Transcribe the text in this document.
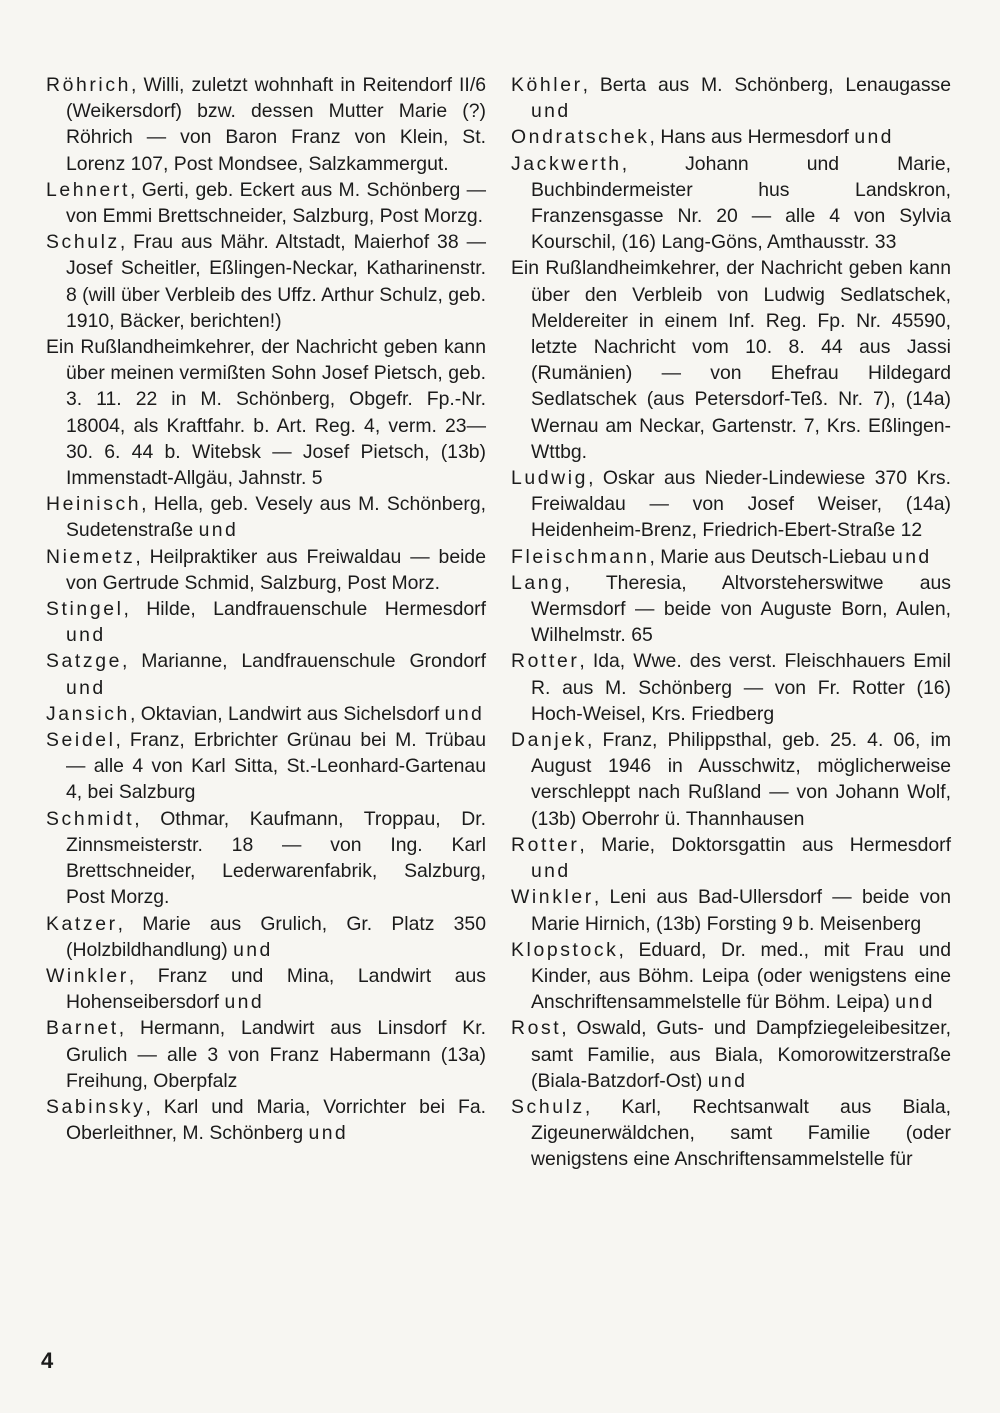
Röhrich, Willi, zuletzt wohnhaft in Reitendorf II/6 (Weikersdorf) bzw. dessen Mutter Marie (?) Röhrich — von Baron Franz von Klein, St. Lorenz 107, Post Mondsee, Salzkammergut.

Lehnert, Gerti, geb. Eckert aus M. Schönberg — von Emmi Brettschneider, Salzburg, Post Morzg.

Schulz, Frau aus Mähr. Altstadt, Maierhof 38 — Josef Scheitler, Eßlingen-Neckar, Katharinenstr. 8 (will über Verbleib des Uffz. Arthur Schulz, geb. 1910, Bäcker, berichten!)

Ein Rußlandheimkehrer, der Nachricht geben kann über meinen vermißten Sohn Josef Pietsch, geb. 3. 11. 22 in M. Schönberg, Obgefr. Fp.-Nr. 18004, als Kraftfahr. b. Art. Reg. 4, verm. 23—30. 6. 44 b. Witebsk — Josef Pietsch, (13b) Immenstadt-Allgäu, Jahnstr. 5

Heinisch, Hella, geb. Vesely aus M. Schönberg, Sudetenstraße und

Niemetz, Heilpraktiker aus Freiwaldau — beide von Gertrude Schmid, Salzburg, Post Morz.

Stingel, Hilde, Landfrauenschule Hermesdorf und

Satzge, Marianne, Landfrauenschule Grondorf und

Jansich, Oktavian, Landwirt aus Sichelsdorf und

Seidel, Franz, Erbrichter Grünau bei M. Trübau — alle 4 von Karl Sitta, St.-Leonhard-Gartenau 4, bei Salzburg

Schmidt, Othmar, Kaufmann, Troppau, Dr. Zinnsmeisterstr. 18 — von Ing. Karl Brettschneider, Lederwarenfabrik, Salzburg, Post Morzg.

Katzer, Marie aus Grulich, Gr. Platz 350 (Holzbildhandlung) und

Winkler, Franz und Mina, Landwirt aus Hohenseibersdorf und

Barnet, Hermann, Landwirt aus Linsdorf Kr. Grulich — alle 3 von Franz Habermann (13a) Freihung, Oberpfalz

Sabinsky, Karl und Maria, Vorrichter bei Fa. Oberleithner, M. Schönberg und

Köhler, Berta aus M. Schönberg, Lenaugasse und

Ondratschek, Hans aus Hermesdorf und

Jackwerth, Johann und Marie, Buchbindermeister hus Landskron, Franzensgasse Nr. 20 — alle 4 von Sylvia Kourschil, (16) Lang-Göns, Amthausstr. 33

Ein Rußlandheimkehrer, der Nachricht geben kann über den Verbleib von Ludwig Sedlatschek, Meldereiter in einem Inf. Reg. Fp. Nr. 45590, letzte Nachricht vom 10. 8. 44 aus Jassi (Rumänien) — von Ehefrau Hildegard Sedlatschek (aus Petersdorf-Teß. Nr. 7), (14a) Wernau am Neckar, Gartenstr. 7, Krs. Eßlingen-Wttbg.

Ludwig, Oskar aus Nieder-Lindewiese 370 Krs. Freiwaldau — von Josef Weiser, (14a) Heidenheim-Brenz, Friedrich-Ebert-Straße 12

Fleischmann, Marie aus Deutsch-Liebau und

Lang, Theresia, Altvorsteherswitwe aus Wermsdorf — beide von Auguste Born, Aulen, Wilhelmstr. 65

Rotter, Ida, Wwe. des verst. Fleischhauers Emil R. aus M. Schönberg — von Fr. Rotter (16) Hoch-Weisel, Krs. Friedberg

Danjek, Franz, Philippsthal, geb. 25. 4. 06, im August 1946 in Ausschwitz, möglicherweise verschleppt nach Rußland — von Johann Wolf, (13b) Oberrohr ü. Thannhausen

Rotter, Marie, Doktorsgattin aus Hermesdorf und

Winkler, Leni aus Bad-Ullersdorf — beide von Marie Hirnich, (13b) Forsting 9 b. Meisenberg

Klopstock, Eduard, Dr. med., mit Frau und Kinder, aus Böhm. Leipa (oder wenigstens eine Anschriftensammelstelle für Böhm. Leipa) und

Rost, Oswald, Guts- und Dampfziegeleibesitzer, samt Familie, aus Biala, Komorowitzerstraße (Biala-Batzdorf-Ost) und

Schulz, Karl, Rechtsanwalt aus Biala, Zigeunerwäldchen, samt Familie (oder wenigstens eine Anschriftensammelstelle für

4
